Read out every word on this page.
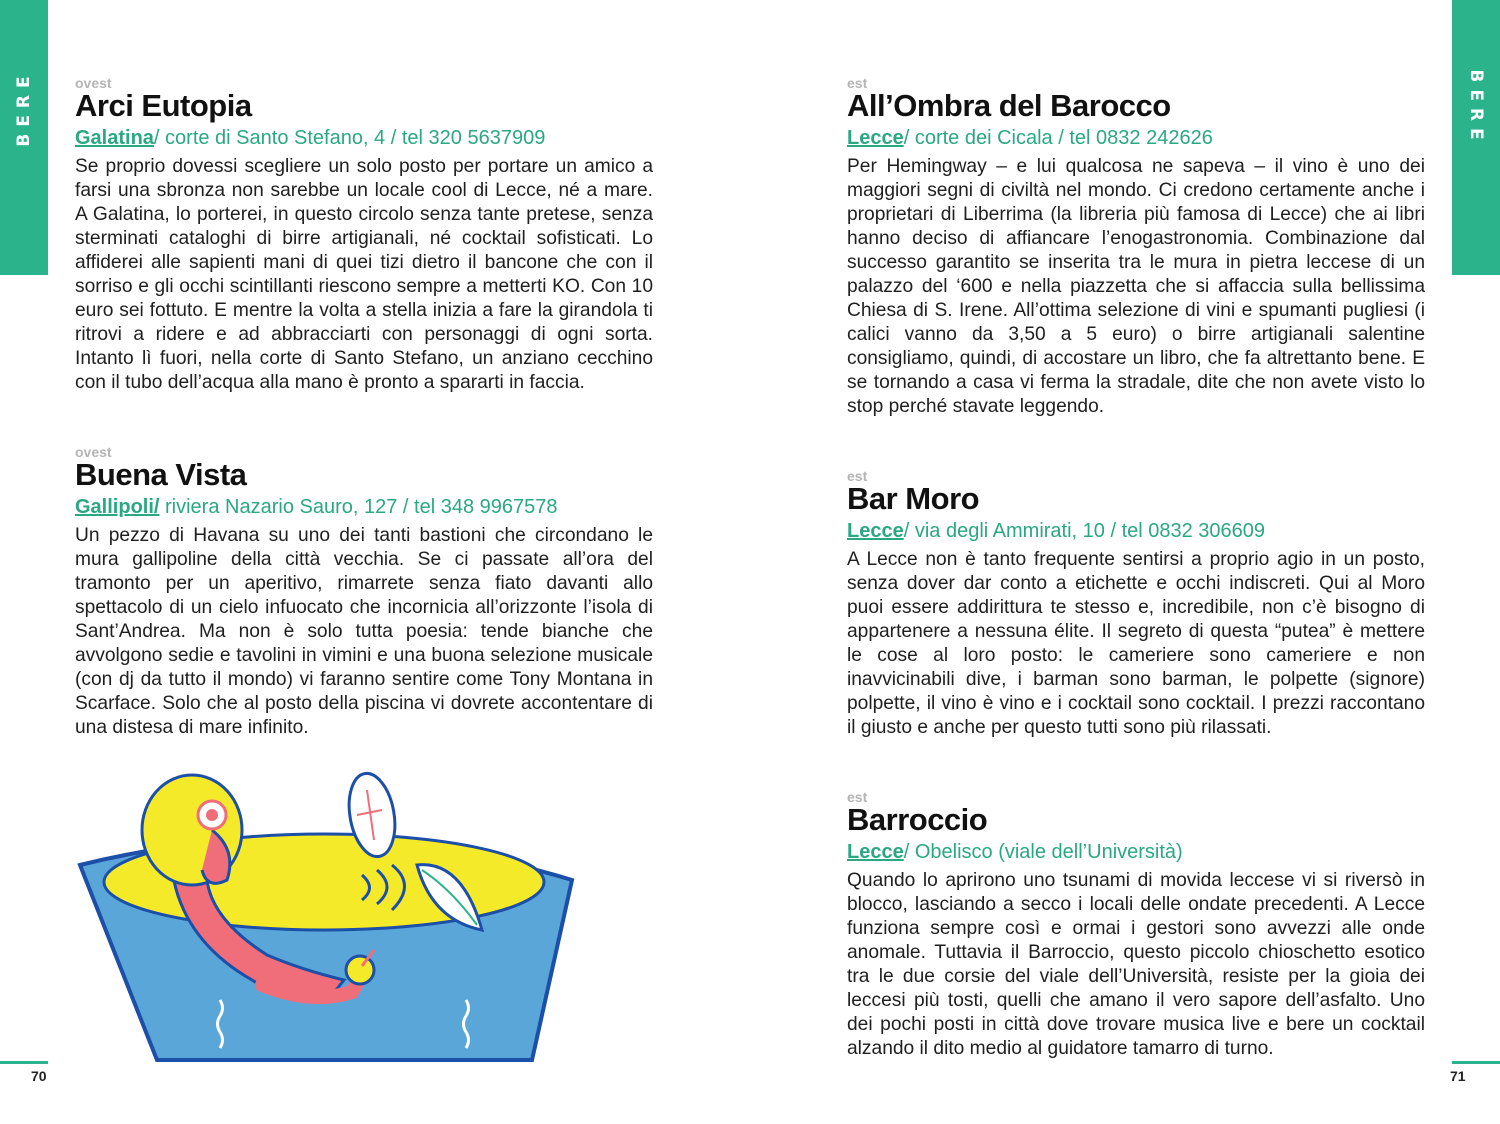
BERE	BERE
ovest
Arci Eutopia
Galatina/ corte di Santo Stefano, 4 / tel 320 5637909
Se proprio dovessi scegliere un solo posto per portare un amico a farsi una sbronza non sarebbe un locale cool di Lecce, né a mare. A Galatina, lo porterei, in questo circolo senza tante pretese, senza sterminati cataloghi di birre artigianali, né cocktail sofisticati. Lo affiderei alle sapienti mani di quei tizi dietro il bancone che con il sorriso e gli occhi scintillanti riescono sempre a metterti KO. Con 10 euro sei fottuto. E mentre la volta a stella inizia a fare la girandola ti ritrovi a ridere e ad abbracciarti con personaggi di ogni sorta. Intanto lì fuori, nella corte di Santo Stefano, un anziano cecchino con il tubo dell’acqua alla mano è pronto a spararti in faccia.
ovest
Buena Vista
Gallipoli/ riviera Nazario Sauro, 127 / tel 348 9967578
Un pezzo di Havana su uno dei tanti bastioni che circondano le mura gallipoline della città vecchia. Se ci passate all’ora del tramonto per un aperitivo, rimarrete senza fiato davanti allo spettacolo di un cielo infuocato che incornicia all’orizzonte l’isola di Sant’Andrea. Ma non è solo tutta poesia: tende bianche che avvolgono sedie e tavolini in vimini e una buona selezione musicale (con dj da tutto il mondo) vi faranno sentire come Tony Montana in Scarface. Solo che al posto della piscina vi dovrete accontentare di una distesa di mare infinito.
est
All’Ombra del Barocco
Lecce/ corte dei Cicala / tel 0832 242626
Per Hemingway – e lui qualcosa ne sapeva – il vino è uno dei maggiori segni di civiltà nel mondo. Ci credono certamente anche i proprietari di Liberrima (la libreria più famosa di Lecce) che ai libri hanno deciso di affiancare l’enogastronomia. Combinazione dal successo garantito se inserita tra le mura in pietra leccese di un palazzo del ‘600 e nella piazzetta che si affaccia sulla bellissima Chiesa di S. Irene. All’ottima selezione di vini e spumanti pugliesi (i calici vanno da 3,50 a 5 euro) o birre artigianali salentine consigliamo, quindi, di accostare un libro, che fa altrettanto bene. E se tornando a casa vi ferma la stradale, dite che non avete visto lo stop perché stavate leggendo.
est
Bar Moro
Lecce/ via degli Ammirati, 10 / tel 0832 306609
A Lecce non è tanto frequente sentirsi a proprio agio in un posto, senza dover dar conto a etichette e occhi indiscreti. Qui al Moro puoi essere addirittura te stesso e, incredibile, non c’è bisogno di appartenere a nessuna élite. Il segreto di questa “putea” è mettere le cose al loro posto: le cameriere sono cameriere e non inavvicinabili dive, i barman sono barman, le polpette (signore) polpette, il vino è vino e i cocktail sono cocktail. I prezzi raccontano il giusto e anche per questo tutti sono più rilassati.
est
Barroccio
Lecce/ Obelisco (viale dell’Università)
Quando lo aprirono uno tsunami di movida leccese vi si riversò in blocco, lasciando a secco i locali delle ondate precedenti. A Lecce funziona sempre così e ormai i gestori sono avvezzi alle onde anomale. Tuttavia il Barroccio, questo piccolo chioschetto esotico tra le due corsie del viale dell’Università, resiste per la gioia dei leccesi più tosti, quelli che amano il vero sapore dell’asfalto. Uno dei pochi posti in città dove trovare musica live e bere un cocktail alzando il dito medio al guidatore tamarro di turno.
70	71
